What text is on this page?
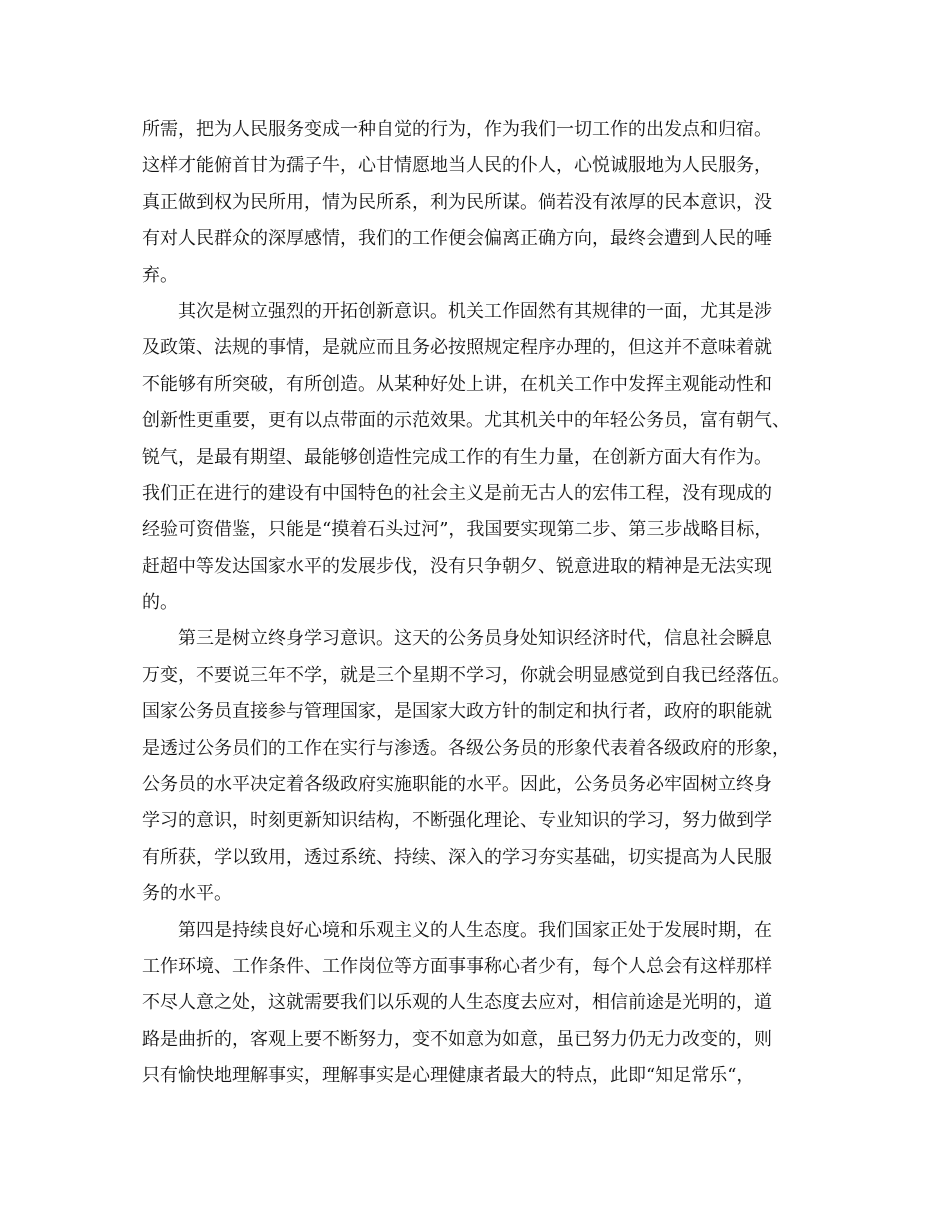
所需，把为人民服务变成一种自觉的行为，作为我们一切工作的出发点和归宿。
这样才能俯首甘为孺子牛，心甘情愿地当人民的仆人，心悦诚服地为人民服务，
真正做到权为民所用，情为民所系，利为民所谋。倘若没有浓厚的民本意识，没
有对人民群众的深厚感情，我们的工作便会偏离正确方向，最终会遭到人民的唾
弃。
其次是树立强烈的开拓创新意识。机关工作固然有其规律的一面，尤其是涉
及政策、法规的事情，是就应而且务必按照规定程序办理的，但这并不意味着就
不能够有所突破，有所创造。从某种好处上讲，在机关工作中发挥主观能动性和
创新性更重要，更有以点带面的示范效果。尤其机关中的年轻公务员，富有朝气、
锐气，是最有期望、最能够创造性完成工作的有生力量，在创新方面大有作为。
我们正在进行的建设有中国特色的社会主义是前无古人的宏伟工程，没有现成的
经验可资借鉴，只能是“摸着石头过河”，我国要实现第二步、第三步战略目标，
赶超中等发达国家水平的发展步伐，没有只争朝夕、锐意进取的精神是无法实现
的。
第三是树立终身学习意识。这天的公务员身处知识经济时代，信息社会瞬息
万变，不要说三年不学，就是三个星期不学习，你就会明显感觉到自我已经落伍。
国家公务员直接参与管理国家，是国家大政方针的制定和执行者，政府的职能就
是透过公务员们的工作在实行与渗透。各级公务员的形象代表着各级政府的形象，
公务员的水平决定着各级政府实施职能的水平。因此，公务员务必牢固树立终身
学习的意识，时刻更新知识结构，不断强化理论、专业知识的学习，努力做到学
有所获，学以致用，透过系统、持续、深入的学习夯实基础，切实提高为人民服
务的水平。
第四是持续良好心境和乐观主义的人生态度。我们国家正处于发展时期，在
工作环境、工作条件、工作岗位等方面事事称心者少有，每个人总会有这样那样
不尽人意之处，这就需要我们以乐观的人生态度去应对，相信前途是光明的，道
路是曲折的，客观上要不断努力，变不如意为如意，虽已努力仍无力改变的，则
只有愉快地理解事实，理解事实是心理健康者最大的特点，此即“知足常乐“，
